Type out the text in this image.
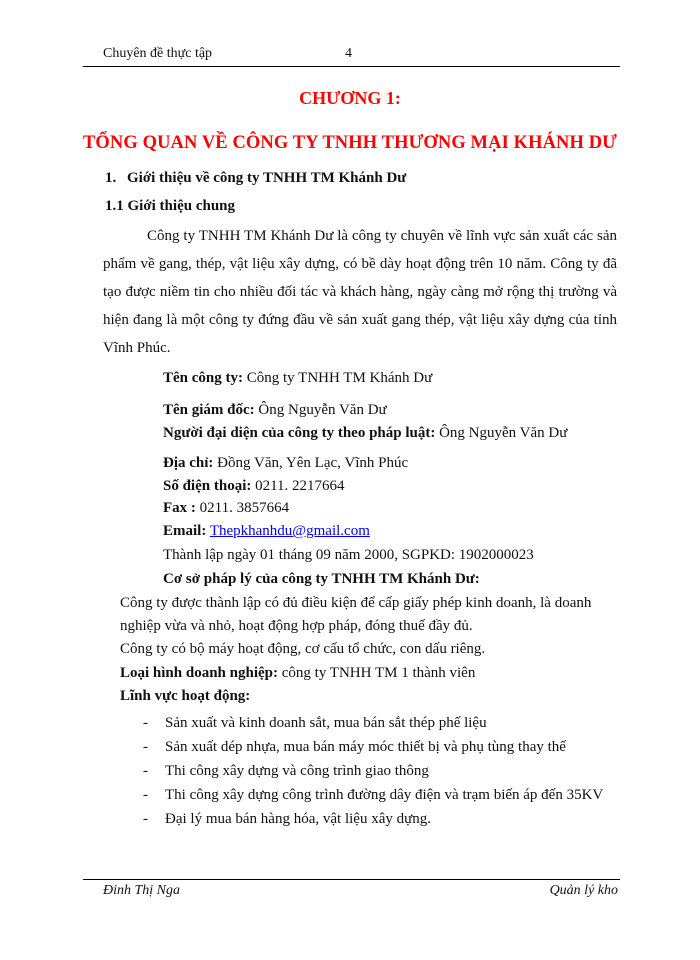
Chuyên đề thực tập	4
CHƯƠNG 1:
TỔNG QUAN VỀ CÔNG TY TNHH THƯƠNG MẠI KHÁNH DƯ
1. Giới thiệu về công ty TNHH TM Khánh Dư
1.1 Giới thiệu chung

Công ty TNHH TM Khánh Dư là công ty chuyên về lĩnh vực sản xuất các sản phẩm về gang, thép, vật liệu xây dựng, có bề dày hoạt động trên 10 năm. Công ty đã tạo được niềm tin cho nhiều đối tác và khách hàng, ngày càng mở rộng thị trường và hiện đang là một công ty đứng đầu về sản xuất gang thép, vật liệu xây dựng của tỉnh Vĩnh Phúc.

Tên công ty: Công ty TNHH TM Khánh Dư
Tên giám đốc: Ông Nguyễn Văn Dư
Người đại diện của công ty theo pháp luật: Ông Nguyễn Văn Dư
Địa chỉ: Đồng Văn, Yên Lạc, Vĩnh Phúc
Số điện thoại: 0211. 2217664
Fax : 0211. 3857664
Email: Thepkhanhdu@gmail.com
Thành lập ngày 01 tháng 09 năm 2000, SGPKD: 1902000023
Cơ sở pháp lý của công ty TNHH TM Khánh Dư:
Công ty được thành lập có đủ điều kiện để cấp giấy phép kinh doanh, là doanh
nghiệp vừa và nhỏ, hoạt động hợp pháp, đóng thuế đầy đủ.
Công ty có bộ máy hoạt động, cơ cấu tổ chức, con dấu riêng.
Loại hình doanh nghiệp: công ty TNHH TM 1 thành viên
Lĩnh vực hoạt động:
- Sản xuất và kinh doanh sắt, mua bán sắt thép phế liệu
- Sản xuất dép nhựa, mua bán máy móc thiết bị và phụ tùng thay thế
- Thi công xây dựng và công trình giao thông
- Thi công xây dựng công trình đường dây điện và trạm biến áp đến 35KV
- Đại lý mua bán hàng hóa, vật liệu xây dựng.
Đinh Thị Nga	Quản lý kho
